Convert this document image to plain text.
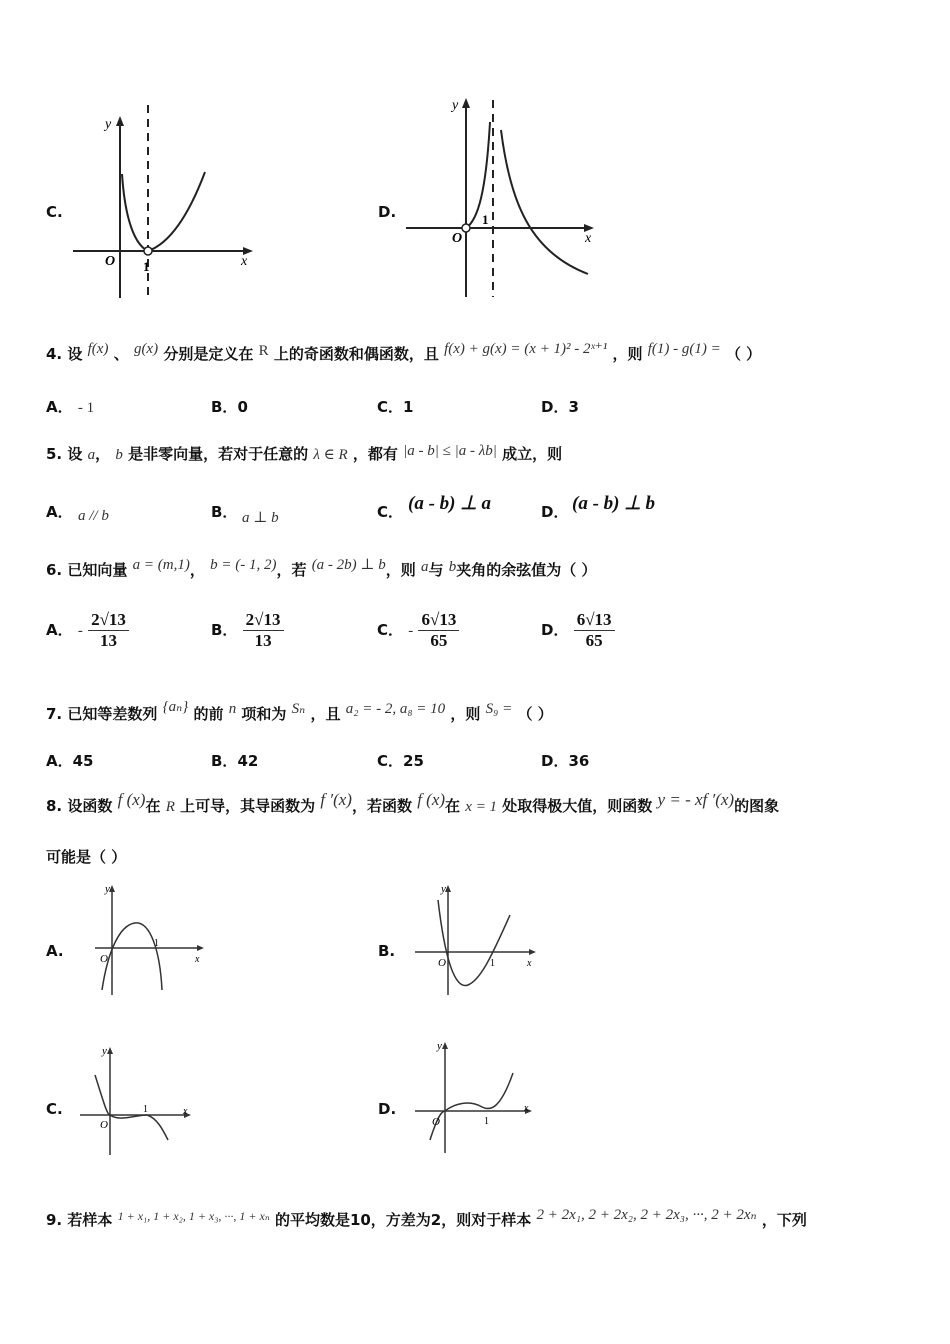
C.
y
x
O 1
D.
y
x
O
1
4. 设 f(x) 、 g(x) 分别是定义在 R 上的奇函数和偶函数，且 f(x) + g(x) = (x + 1)² - 2ˣ⁺¹ ，则 f(1) - g(1) = （ ）
A． - 1	B．0	C．1	D．3
5. 设 a， b 是非零向量，若对于任意的 λ ∈ R ，都有 |a - b| ≤ |a - λb| 成立，则
A． a // b	B． a ⊥ b	C． (a - b) ⊥ a	D． (a - b) ⊥ b
6. 已知向量 a = (m,1)， b = (- 1, 2)，若 (a - 2b) ⊥ b，则 a与 b夹角的余弦值为（ ）
A． - $\frac{2√13}{13}$	B． $\frac{2√13}{13}$	C． - $\frac{6√13}{65}$	D． $\frac{6√13}{65}$
7. 已知等差数列 {aₙ} 的前 n 项和为 Sₙ ，且 a₂ = - 2, a₈ = 10 ，则 S₉ = （ ）
A．45	B．42	C．25	D．36
8. 设函数 f (x)在 R 上可导，其导函数为 f ′(x)，若函数 f (x)在 x = 1 处取得极大值，则函数 y = - xf ′(x)的图象
可能是（ ）
A.
y
x
O
1	B.
y
x
O	1
C.
y
x
O
1	D.
y
x
O	1
9. 若样本 $^{1 + x_1, 1 + x_2, 1 + x_3, \cdot\cdot\cdot, 1 + x_n}$ 的平均数是10，方差为2，则对于样本 2 + 2x₁, 2 + 2x₂, 2 + 2x₃, ···, 2 + 2xₙ ，下列
